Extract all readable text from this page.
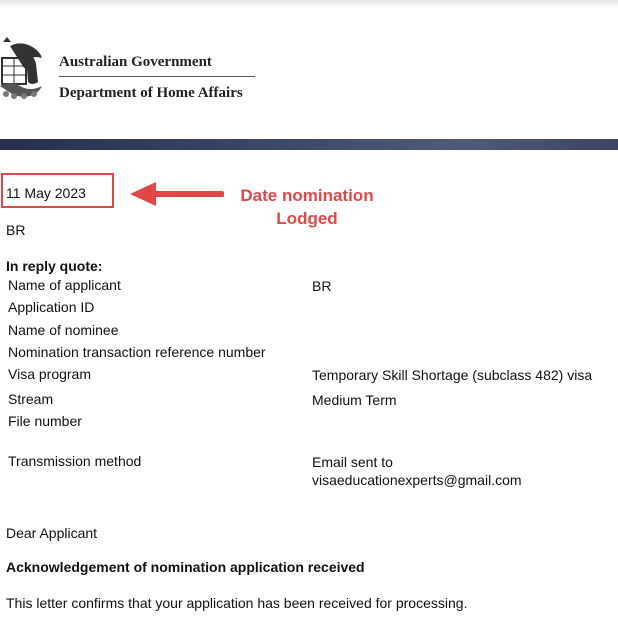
Australian Government
Department of Home Affairs
11 May 2023	Date nomination
Lodged
BR
In reply quote:
Name of applicant	BR
Application ID
Name of nominee
Nomination transaction reference number
Visa program	Temporary Skill Shortage (subclass 482) visa
Stream	Medium Term
File number
Transmission method	Email sent to
visaeducationexperts@gmail.com
Dear Applicant
Acknowledgement of nomination application received
This letter confirms that your application has been received for processing.
